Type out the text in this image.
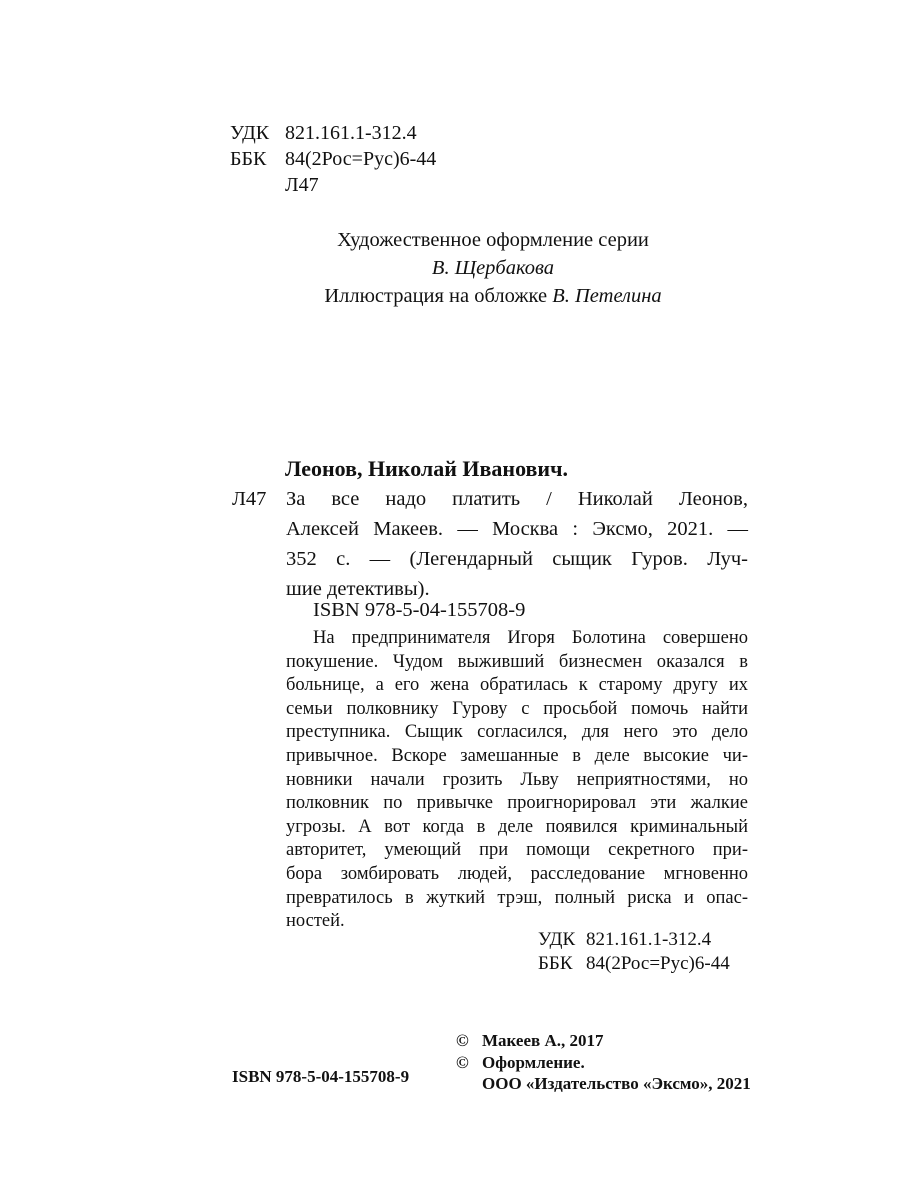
УДК 821.161.1-312.4
ББК 84(2Рос=Рус)6-44
Л47
Художественное оформление серии
В. Щербакова
Иллюстрация на обложке В. Петелина
Леонов, Николай Иванович.
Л47 За все надо платить / Николай Леонов,
Алексей Макеев. — Москва : Эксмо, 2021. —
352 с. — (Легендарный сыщик Гуров. Луч-
шие детективы).
ISBN 978-5-04-155708-9
На предпринимателя Игоря Болотина совершено
покушение. Чудом выживший бизнесмен оказался в
больнице, а его жена обратилась к старому другу их
семьи полковнику Гурову с просьбой помочь найти
преступника. Сыщик согласился, для него это дело
привычное. Вскоре замешанные в деле высокие чи-
новники начали грозить Льву неприятностями, но
полковник по привычке проигнорировал эти жалкие
угрозы. А вот когда в деле появился криминальный
авторитет, умеющий при помощи секретного при-
бора зомбировать людей, расследование мгновенно
превратилось в жуткий трэш, полный риска и опас-
ностей.
УДК 821.161.1-312.4
ББК 84(2Рос=Рус)6-44
© Макеев А., 2017
© Оформление.
ООО «Издательство «Эксмо», 2021
ISBN 978-5-04-155708-9
